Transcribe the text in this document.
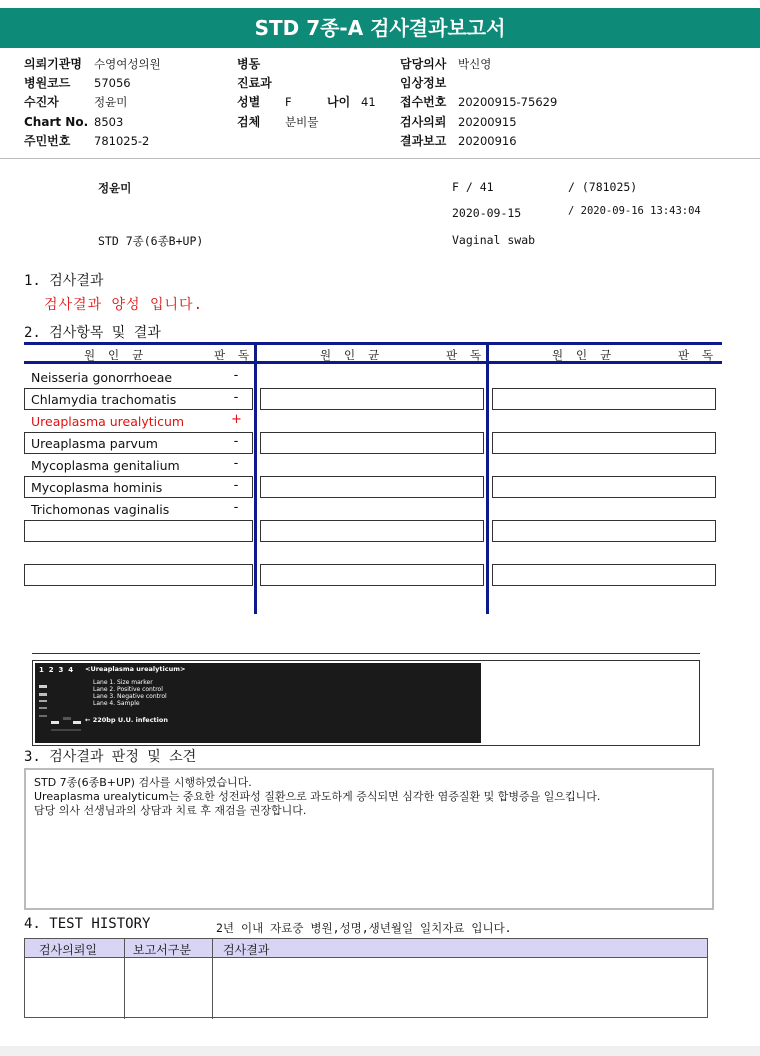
STD 7종-A 검사결과보고서
의뢰기관명 수영여성의원
병원코드 57056
수진자	정윤미
Chart No. 8503
주민번호 781025-2
병동
진료과
성별 F	나이 41
검체 분비물
담당의사 박신영
임상정보
접수번호 20200915-75629
검사의뢰 20200915
결과보고 20200916
정윤미	F / 41	/ (781025)
2020-09-15	/ 2020-09-16 13:43:04
STD 7종(6종B+UP)	Vaginal swab
1. 검사결과
검사결과 양성 입니다.
2. 검사항목 및 결과
원 인 균	판 독	원 인 균	판 독	원 인 균	판 독
Neisseria gonorrhoeae	-
Chlamydia trachomatis	-
Ureaplasma urealyticum	+
Ureaplasma parvum	-
Mycoplasma genitalium	-
Mycoplasma hominis	-
Trichomonas vaginalis	-
1  2  3  4 <Ureaplasma urealyticum>
Lane 1. Size marker
Lane 2. Positive control
Lane 3. Negative control
Lane 4. Sample
← 220bp U.U. infection
3. 검사결과 판정 및 소견
STD 7종(6종B+UP) 검사를 시행하였습니다.
Ureaplasma urealyticum는 중요한 성전파성 질환으로 과도하게 증식되면 심각한 염증질환 및 합병증을 일으킵니다.
담당 의사 선생님과의 상담과 치료 후 재검을 권장합니다.
4. TEST HISTORY	2년 이내 자료중 병원,성명,생년월일 일치자료 입니다.
검사의뢰일	보고서구분	검사결과
